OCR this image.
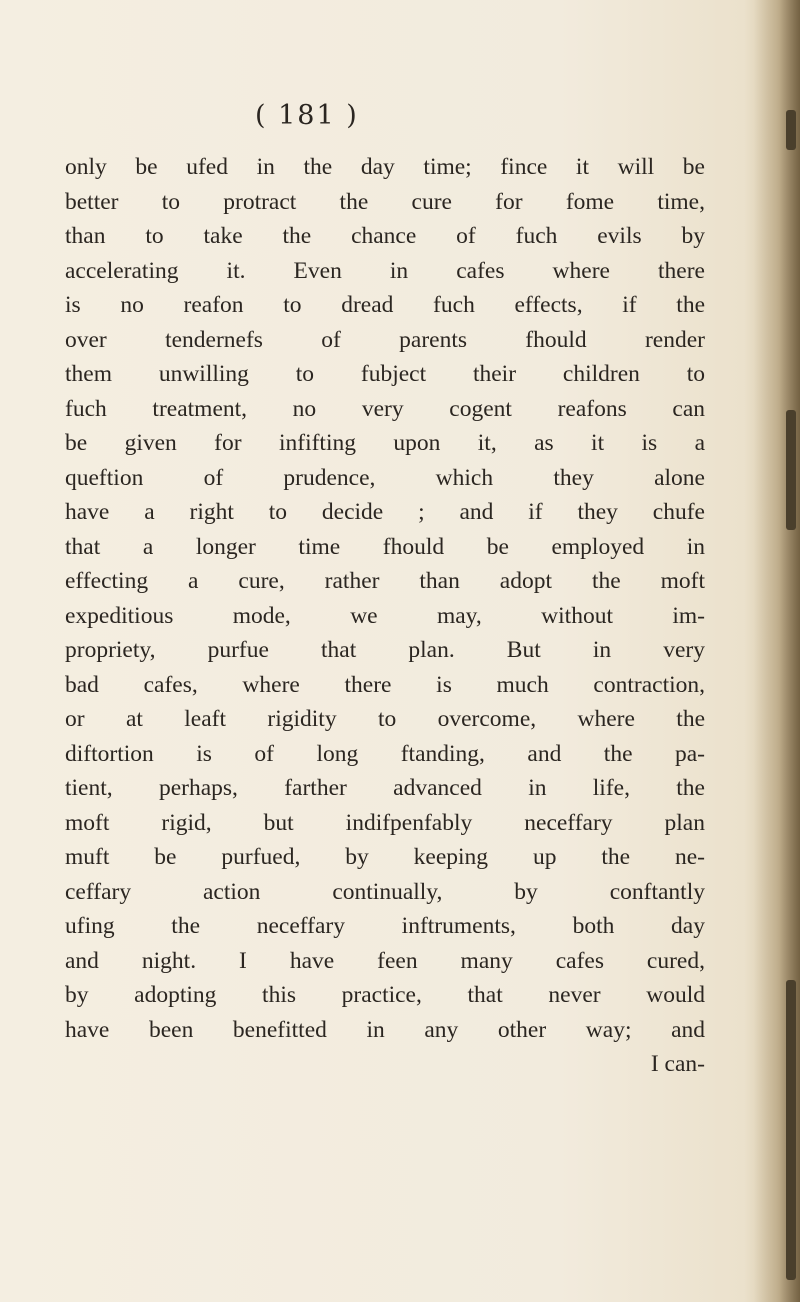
( 181 )
only be ufed in the day time; fince it will be
better to protract the cure for fome time,
than to take the chance of fuch evils by
accelerating it. Even in cafes where there
is no reafon to dread fuch effects, if the
over tendernefs of parents fhould render
them unwilling to fubject their children to
fuch treatment, no very cogent reafons can
be given for infifting upon it, as it is a
queftion of prudence, which they alone
have a right to decide ; and if they chufe
that a longer time fhould be employed in
effecting a cure, rather than adopt the moft
expeditious mode, we may, without im-
propriety, purfue that plan. But in very
bad cafes, where there is much contraction,
or at leaft rigidity to overcome, where the
diftortion is of long ftanding, and the pa-
tient, perhaps, farther advanced in life, the
moft rigid, but indifpenfably neceffary plan
muft be purfued, by keeping up the ne-
ceffary action continually, by conftantly
ufing the neceffary inftruments, both day
and night. I have feen many cafes cured,
by adopting this practice, that never would
have been benefitted in any other way; and
I can-
